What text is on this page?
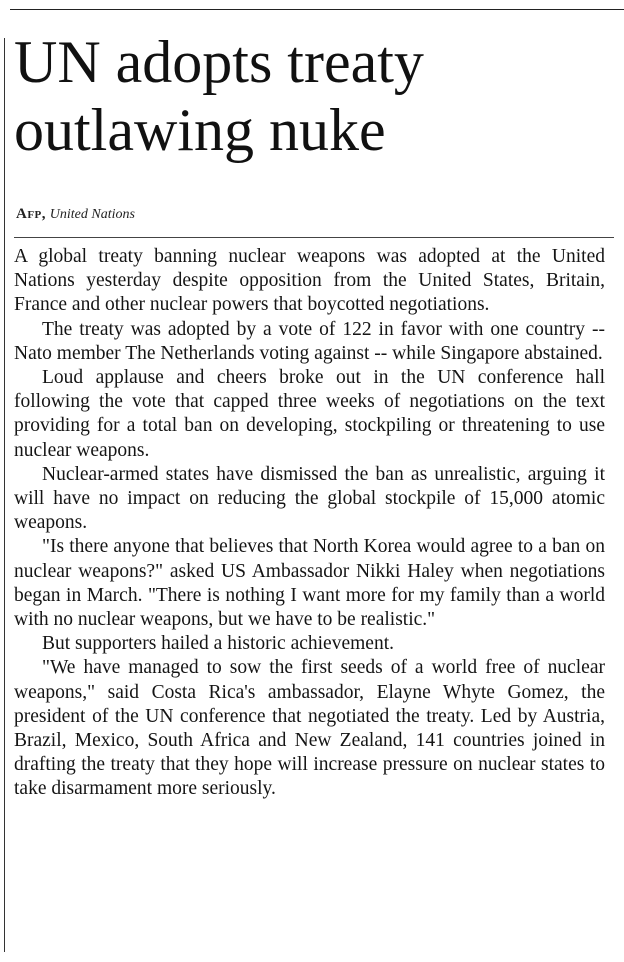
UN adopts treaty outlawing nuke
Afp, United Nations

A global treaty banning nuclear weapons was adopted at the United Nations yesterday despite opposition from the United States, Britain, France and other nuclear powers that boycotted negotiations.

The treaty was adopted by a vote of 122 in favor with one country -- Nato member The Netherlands voting against -- while Singapore abstained.

Loud applause and cheers broke out in the UN conference hall following the vote that capped three weeks of negotiations on the text providing for a total ban on developing, stockpiling or threatening to use nuclear weapons.

Nuclear-armed states have dismissed the ban as unrealistic, arguing it will have no impact on reducing the global stockpile of 15,000 atomic weapons.

"Is there anyone that believes that North Korea would agree to a ban on nuclear weapons?" asked US Ambassador Nikki Haley when negotiations began in March. "There is nothing I want more for my family than a world with no nuclear weapons, but we have to be realistic."

But supporters hailed a historic achievement.

"We have managed to sow the first seeds of a world free of nuclear weapons," said Costa Rica's ambassador, Elayne Whyte Gomez, the president of the UN conference that negotiated the treaty. Led by Austria, Brazil, Mexico, South Africa and New Zealand, 141 countries joined in drafting the treaty that they hope will increase pressure on nuclear states to take disarmament more seriously.
